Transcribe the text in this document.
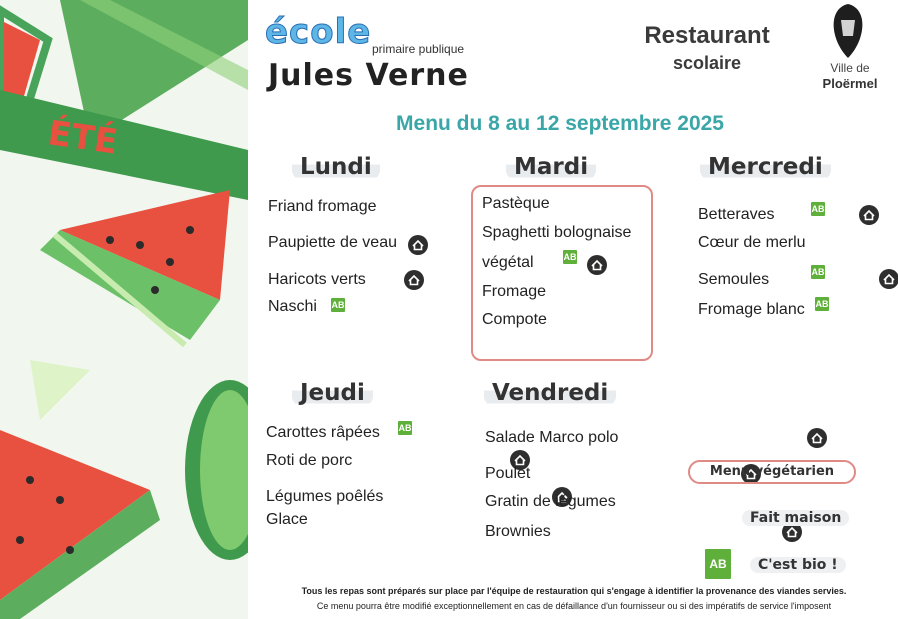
ÉTÉ
école primaire publique
Jules Verne
Restaurant
scolaire	Ville de
Ploërmel
Menu du 8 au 12 septembre 2025
Lundi
Friand fromage
Paupiette de veau

Haricots verts

Naschi AB
Mardi
Pastèque
Spaghetti bolognaise
végétal
	AB
Fromage
Compote
Mercredi
Betteraves
	AB
Cœur de merlu
Semoules
	AB
Fromage blanc AB
Jeudi
Carottes râpées AB
Roti de porc

Légumes poêlés

Glace
Vendredi
Salade Marco polo

Poulet

Gratin de légumes
Brownies

Menu végétarien
Fait maison
AB	C'est bio !
Tous les repas sont préparés sur place par l'équipe de restauration qui s'engage à identifier la provenance des viandes servies.
Ce menu pourra être modifié exceptionnellement en cas de défaillance d'un fournisseur ou si des impératifs de service l'imposent
